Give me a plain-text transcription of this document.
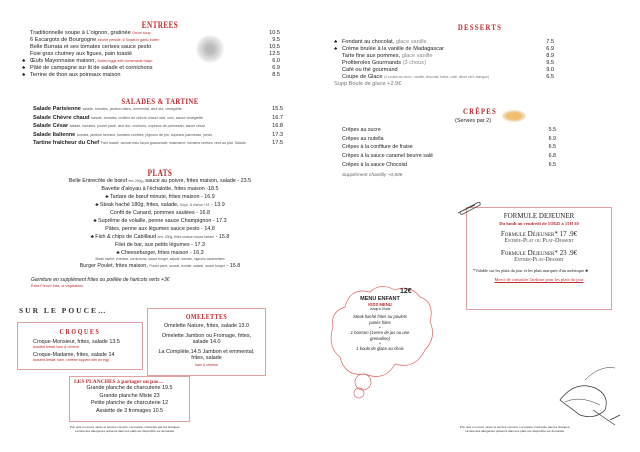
ENTREES
Traditionnelle soupe à L'oignon, gratinée Onion soup	10.5
6 Escargots de Bourgogne beurre persillé, 6 Snails in garlic butter	9.5
Belle Burrata et ses tomates cerises sauce pesto	10.5
Foie gras chutney aux figues, pain toasté	12.5
♣ Œufs Mayonnaise maison, Boiled eggs with homemade mayo	6.0
♣ Pâté de campagne sur lit de salade et cornichons	6.9
♣ Terrine de thon aux poireaux maison	8.5
SALADES & TARTINE
Salade Parisienne salade, tomates, jambon blanc, emmental, œuf dur, vinaigrette	15.5
Salade Chèvre chaud salade, tomates, crottins de chèvre chaud miel, noix, sauce vinaigrette	16.7
Salade César salade, tomates, poulet pané, œuf dur, croûtons, copeaux de parmesan, sauce césar	16.8
Salade Italienne burrata, jambon serrano, tomates confites, pignons de pin, copeaux parmesan, pesto	17.3
Tartine fraîcheur du Chef Pain toasté, avocat frais façon guacamole, edamame, tomates cerises, œuf au plat, Salade	17.5
PLATS
Belle Entrecôte de bœuf env 250g, sauce au poivre, frites maison, salade - 23.5
Bavette d'aloyau à l'échalotte, frites maison -18.5
♣ Tartare de bœuf minute, frites maison - 16.9
♣ Steak haché 180g, frites, salade, Supp. À cheval +1€ - 13.9
Confit de Canard, pommes sautées - 16.8
♣ Suprême de volaille, penne sauce Champignon - 17.3
Pâtes, penne aux légumes sauce pesto - 14.8
♣ Fish & chips de Cabillaud env. 230g, frites maison sauce tartare - 15.8
Filet de bar, aux petits légumes - 17.3
♣ Cheeseburger, frites maison - 16.3
Steak haché, cheddar, cornichons, sauce burger, salade, tomate, oignons caramélisés
Burger Poulet, frites maison, Poulet pané, avocat, tomate, salade, sauce burger - 15.8
Garniture en supplément frites ou poêlée de haricots verts +3€
Extra French fries, or vegetables.
SUR LE POUCE…
CROQUES
Croque-Monsieur, frites, salade 13.5
toasted bread ham & cheese
Croque-Madame, frites, salade 14
toasted bread, ham, cheese topped with an egg
OMELETTES
Omelette Nature, frites, salade 13.0
Omelette Jambon ou Fromage, frites, salade 14.0
La Complète,14.5 Jambon et emmental, frites, salade
ham & cheese
LES PLANCHES à partager ou pas…
Grande planche de charcuterie 19.5
Grande planche Mixte 23
Petite planche de charcuterie 12
Assiette de 3 fromages 10.5
Prix nets en euros, taxes et service compris. La maison n'accepte pas les chèques.
La liste des allergènes présents dans les plats est disponible sur demande.
DESSERTS
♣ Fondant au chocolat, glace vanille	7.5
♣ Crème brulée à la vanille de Madagascar	6.9
Tarte fine aux pommes, glace vanille	8.9
Profiteroles Gourmands (3 choux)	9.5
Café ou thé gourmand	9.0
Coupe de Glace (3 boules au choix : vanille, chocolat, fraise, café, citron vert, mangue)	6.5
Supp Boule de glace +2.9€
CRÊPES
(Servies par 2)
Crêpes au sucre	5.5
Crêpes au nutella	6.9
Crêpes à la confiture de fraise	6.5
Crêpes à la sauce caramel beurre salé	6.8
Crêpes à la sauce Chocolat	6.5
Supplément chantilly +0,60€
FORMULE DEJEUNER
Du lundi au vendredi de 11H45 à 15H 30
Formule Déjeuner* 17 .9€
Entrée-Plat ou Plat-Dessert
Formule Déjeuner* 23 .9€
Entrée-Plat-Dessert
*Valable sur les plats du jour et les plats marqués d'un astérisque ♣
Merci de consulter l'ardoise pour les plats du jour
12€
MENU ENFANT
KIDS MENU
Jusqu'à 10ans
Steak haché frites ou poulets panés frites
+
1 boisson (1verre de jus ou une grenadine)
+
1 boule de glace au choix
Prix nets en euros, taxes et service compris. La maison n'accepte pas les chèques.
La liste des allergènes présents dans les plats est disponible sur demande.
